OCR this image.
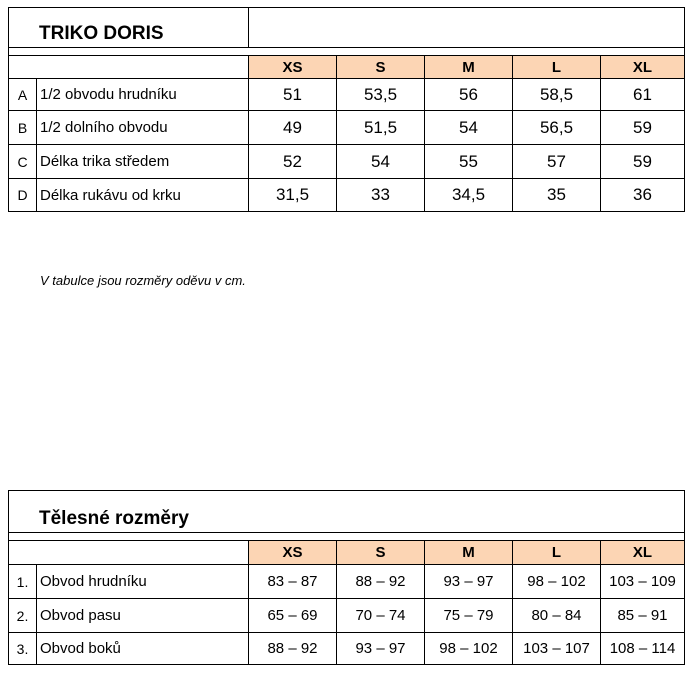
TRIKO DORIS						

		XS	S	M	L	XL
A	1/2 obvodu hrudníku	51	53,5	56	58,5	61
B	1/2 dolního obvodu	49	51,5	54	56,5	59
C	Délka trika středem	52	54	55	57	59
D	Délka rukávu od krku	31,5	33	34,5	35	36
V tabulce jsou rozměry oděvu v cm.
Tělesné rozměry						

		XS	S	M	L	XL
1.	Obvod hrudníku	83 – 87	88 – 92	93 – 97	98 – 102	103 – 109
2.	Obvod pasu	65 – 69	70 – 74	75 – 79	80 – 84	85 – 91
3.	Obvod boků	88 – 92	93 – 97	98 – 102	103 – 107	108 – 114
